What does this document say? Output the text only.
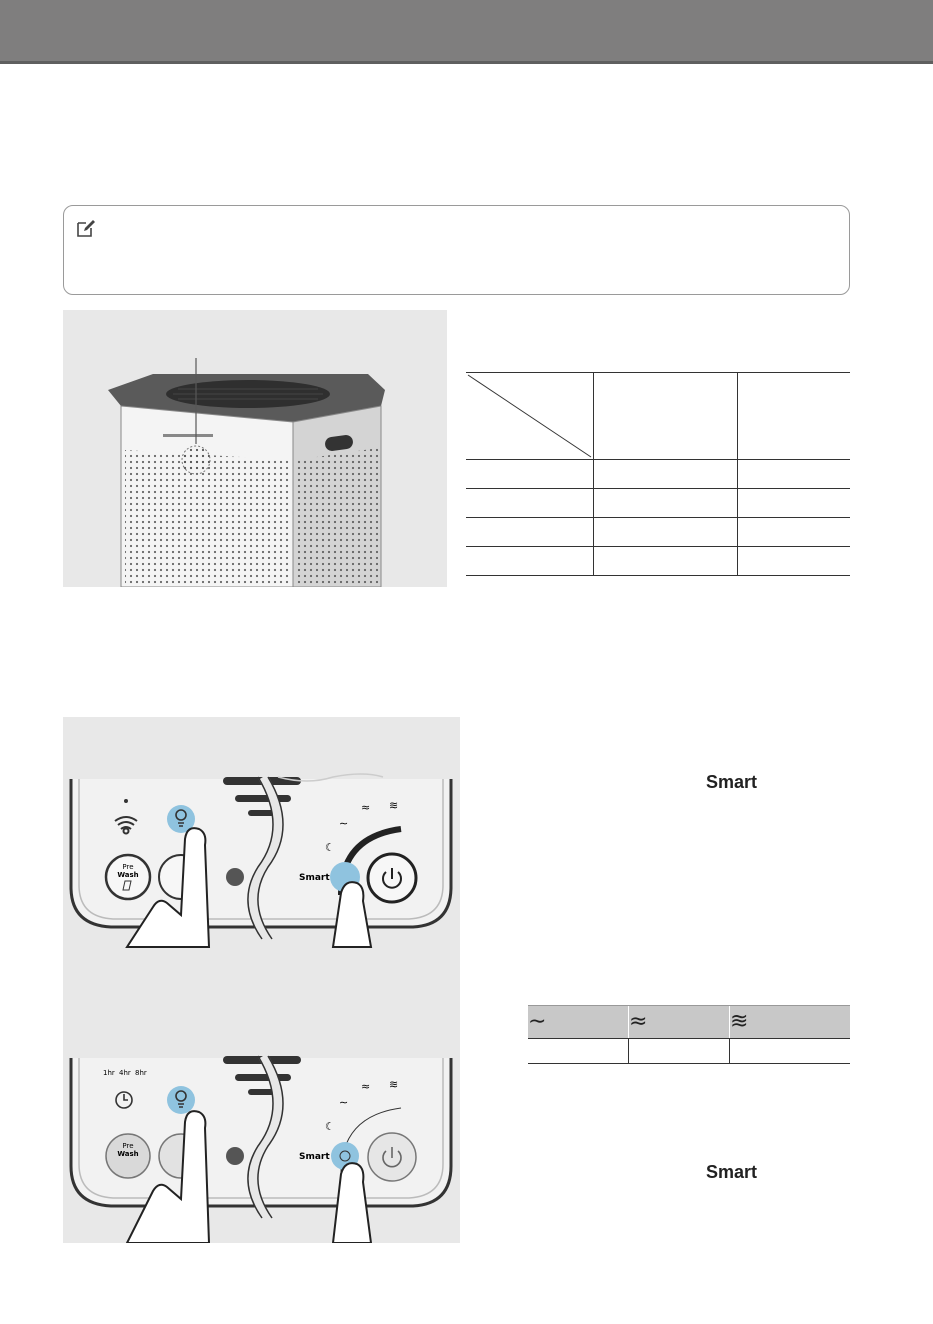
Pre
Wash	Smart
☾
∼
≈ ≋
1hr 4hr 8hr
Pre
Wash	Smart
☾
∼
≈ ≋
Smart
Smart
∼	≈	≋
